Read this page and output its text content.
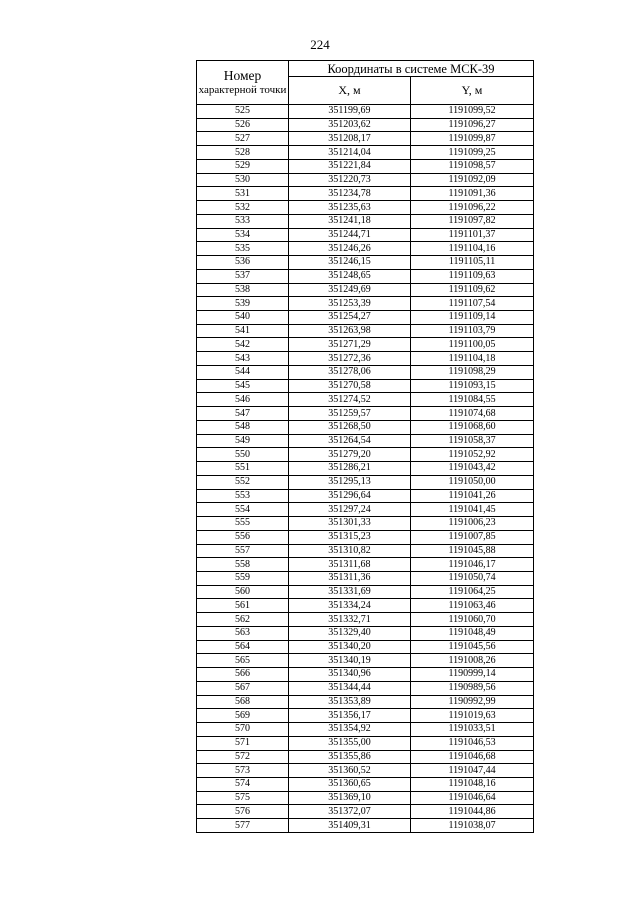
224
Номер
характерной точки	Координаты в системе МСК-39	
	X, м	Y, м
525	351199,69	1191099,52
526	351203,62	1191096,27
527	351208,17	1191099,87
528	351214,04	1191099,25
529	351221,84	1191098,57
530	351220,73	1191092,09
531	351234,78	1191091,36
532	351235,63	1191096,22
533	351241,18	1191097,82
534	351244,71	1191101,37
535	351246,26	1191104,16
536	351246,15	1191105,11
537	351248,65	1191109,63
538	351249,69	1191109,62
539	351253,39	1191107,54
540	351254,27	1191109,14
541	351263,98	1191103,79
542	351271,29	1191100,05
543	351272,36	1191104,18
544	351278,06	1191098,29
545	351270,58	1191093,15
546	351274,52	1191084,55
547	351259,57	1191074,68
548	351268,50	1191068,60
549	351264,54	1191058,37
550	351279,20	1191052,92
551	351286,21	1191043,42
552	351295,13	1191050,00
553	351296,64	1191041,26
554	351297,24	1191041,45
555	351301,33	1191006,23
556	351315,23	1191007,85
557	351310,82	1191045,88
558	351311,68	1191046,17
559	351311,36	1191050,74
560	351331,69	1191064,25
561	351334,24	1191063,46
562	351332,71	1191060,70
563	351329,40	1191048,49
564	351340,20	1191045,56
565	351340,19	1191008,26
566	351340,96	1190999,14
567	351344,44	1190989,56
568	351353,89	1190992,99
569	351356,17	1191019,63
570	351354,92	1191033,51
571	351355,00	1191046,53
572	351355,86	1191046,68
573	351360,52	1191047,44
574	351360,65	1191048,16
575	351369,10	1191046,64
576	351372,07	1191044,86
577	351409,31	1191038,07
